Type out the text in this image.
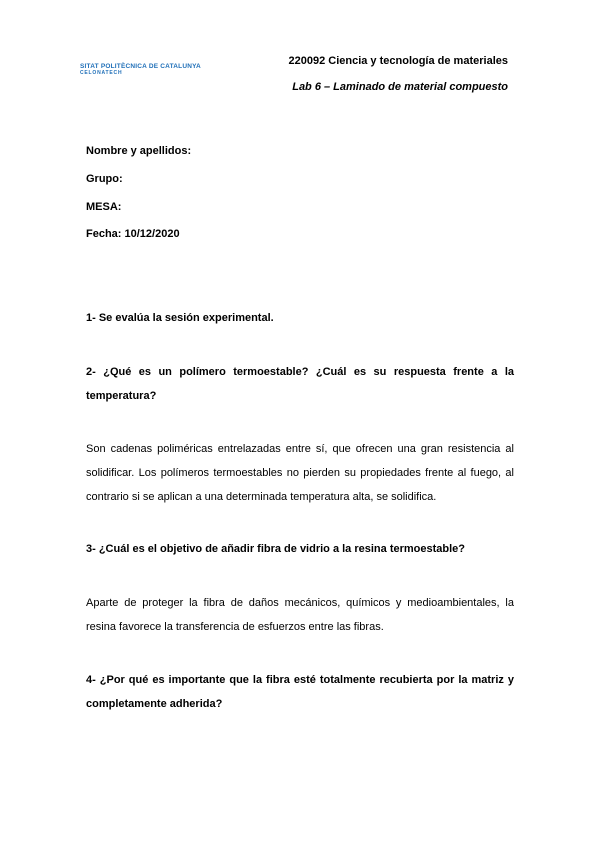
SITAT POLITÈCNICA DE CATALUNYA
CELONATECH
220092 Ciencia y tecnología de materiales
Lab 6 – Laminado de material compuesto
Nombre y apellidos:
Grupo:
MESA:
Fecha: 10/12/2020
1- Se evalúa la sesión experimental.
2- ¿Qué es un polímero termoestable? ¿Cuál es su respuesta frente a la temperatura?
Son cadenas poliméricas entrelazadas entre sí, que ofrecen una gran resistencia al solidificar. Los polímeros termoestables no pierden su propiedades frente al fuego, al contrario si se aplican a una determinada temperatura alta, se solidifica.
3- ¿Cuál es el objetivo de añadir fibra de vidrio a la resina termoestable?
Aparte de proteger la fibra de daños mecánicos, químicos y medioambientales, la resina favorece la transferencia de esfuerzos entre las fibras.
4- ¿Por qué es importante que la fibra esté totalmente recubierta por la matriz y completamente adherida?
